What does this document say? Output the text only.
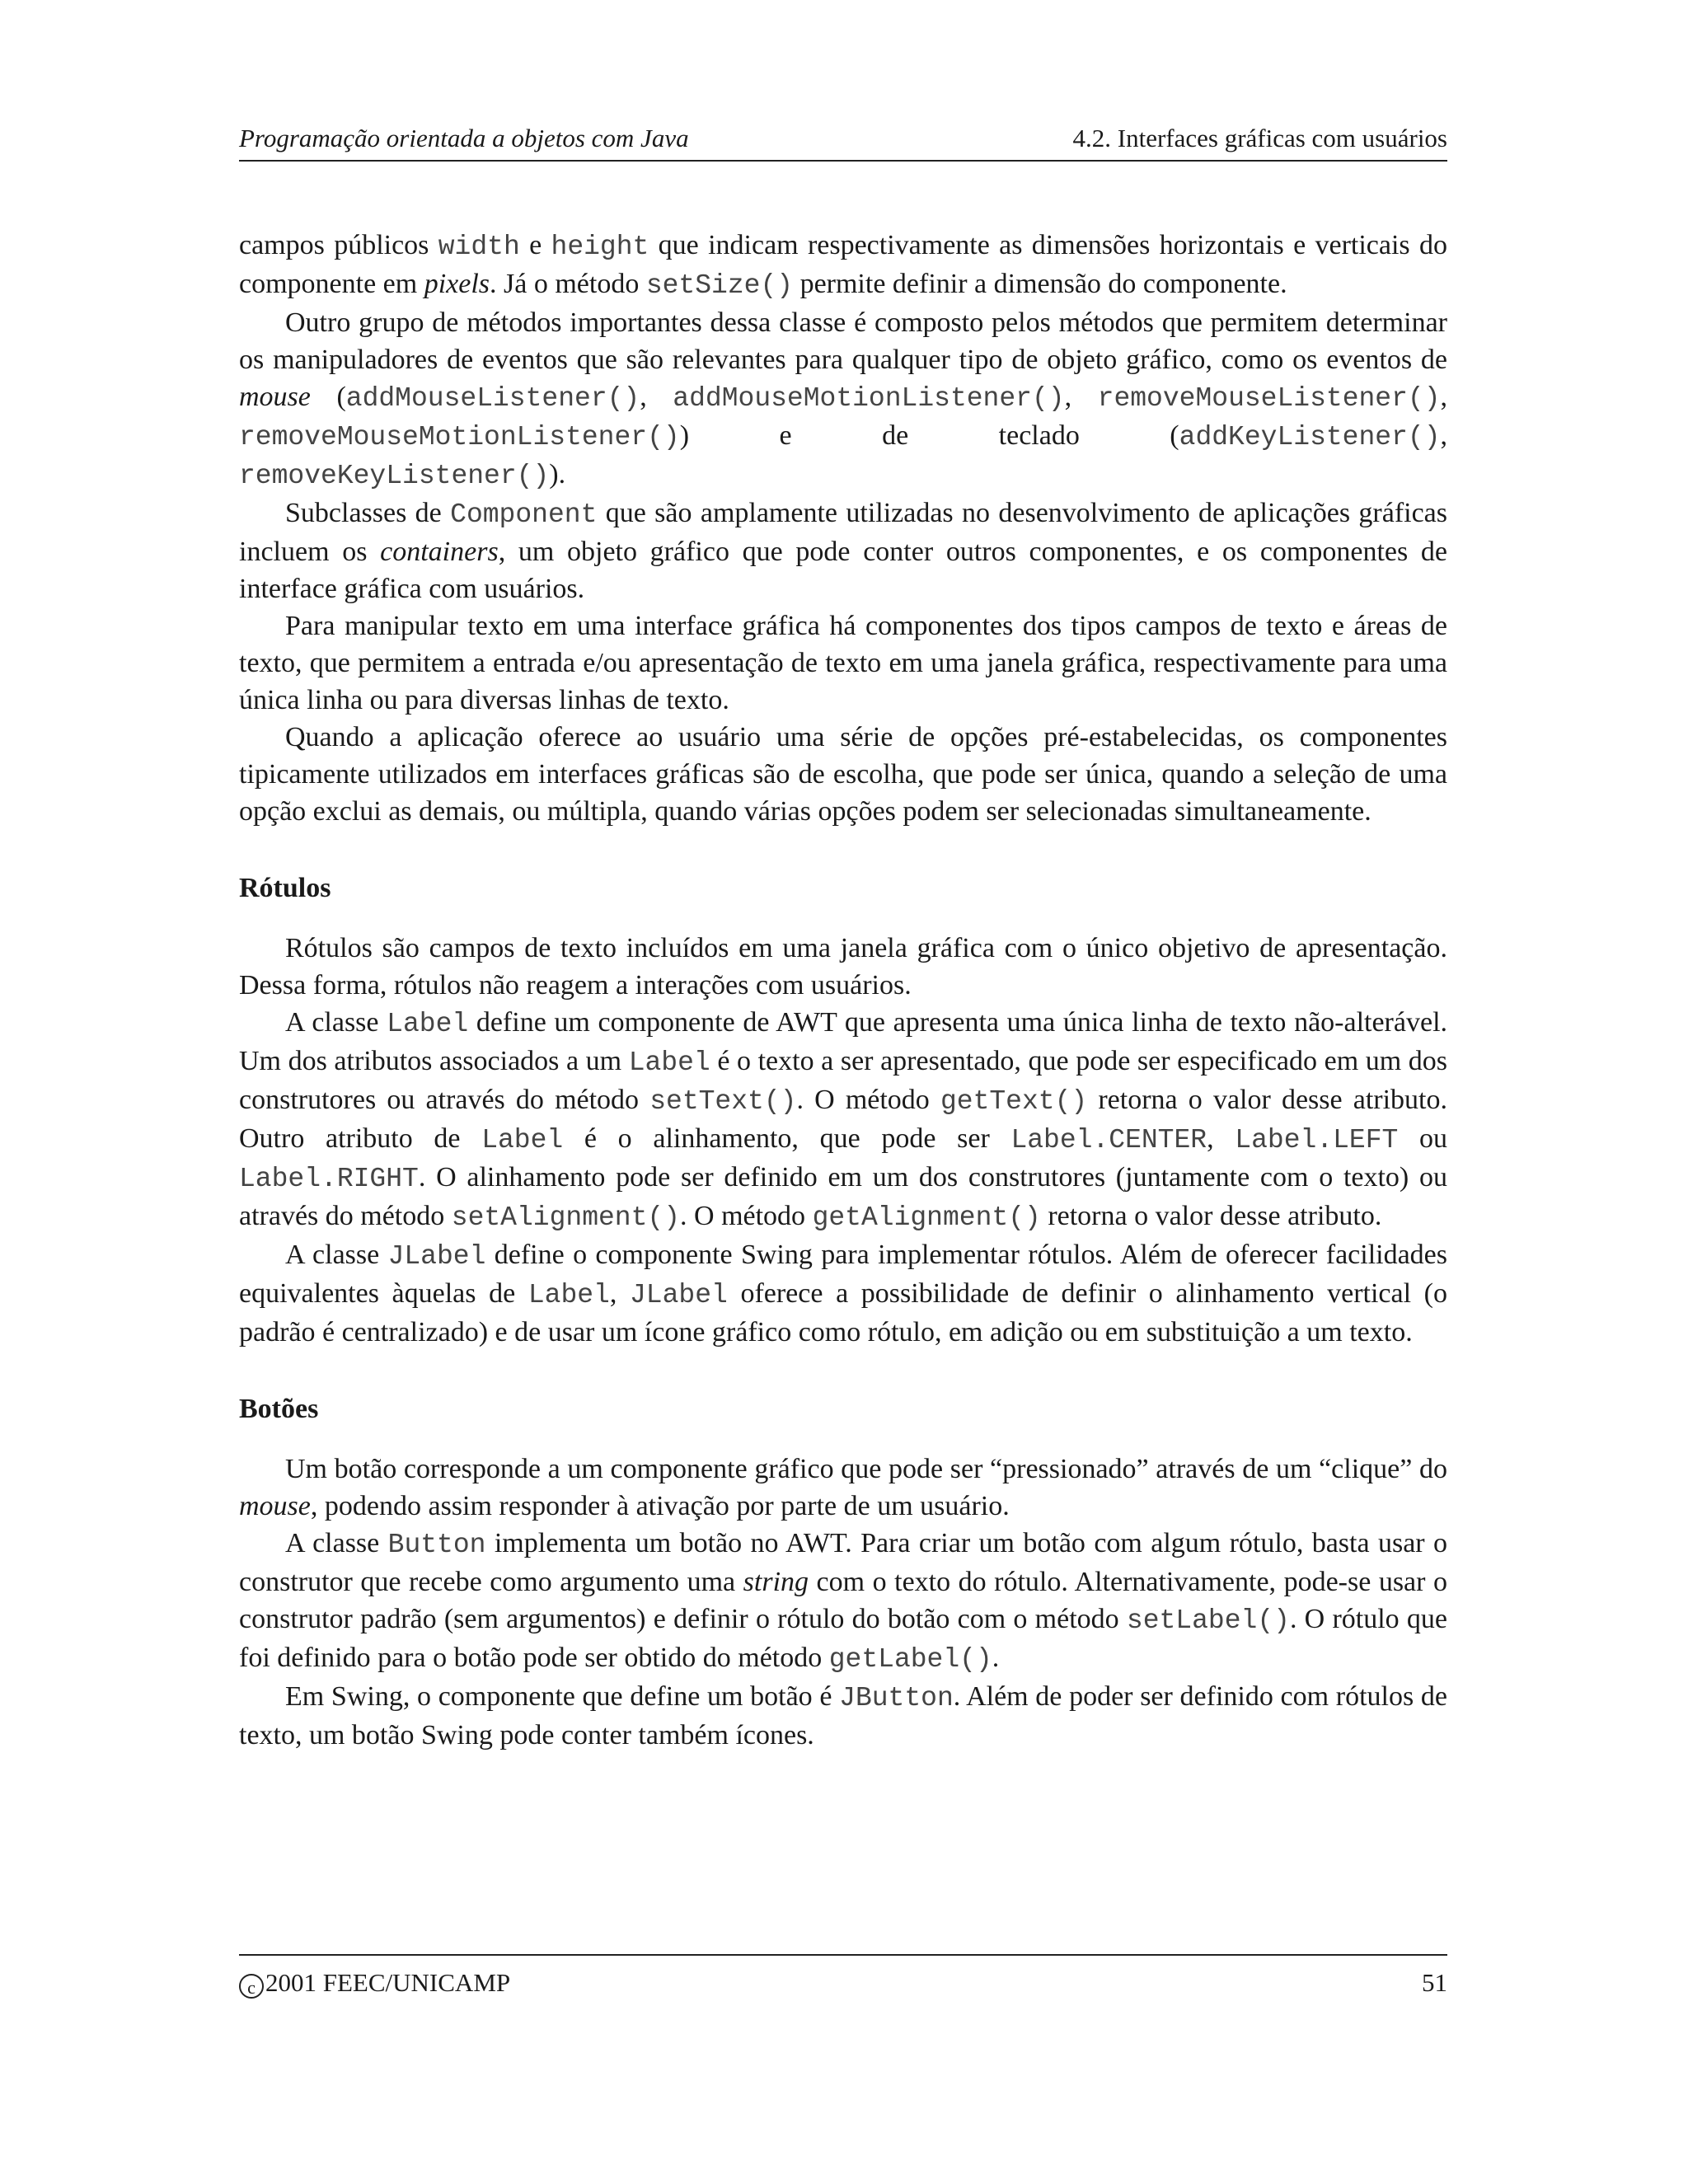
Programação orientada a objetos com Java	4.2. Interfaces gráficas com usuários

campos públicos width e height que indicam respectivamente as dimensões horizontais e verticais do componente em pixels. Já o método setSize() permite definir a dimensão do componente.

Outro grupo de métodos importantes dessa classe é composto pelos métodos que permitem determinar os manipuladores de eventos que são relevantes para qualquer tipo de objeto gráfico, como os eventos de mouse (addMouseListener(), addMouseMotionListener(), removeMouseListener(), removeMouseMotionListener()) e de teclado (addKeyListener(), removeKeyListener()).

Subclasses de Component que são amplamente utilizadas no desenvolvimento de aplicações gráficas incluem os containers, um objeto gráfico que pode conter outros componentes, e os componentes de interface gráfica com usuários.

Para manipular texto em uma interface gráfica há componentes dos tipos campos de texto e áreas de texto, que permitem a entrada e/ou apresentação de texto em uma janela gráfica, respectivamente para uma única linha ou para diversas linhas de texto.

Quando a aplicação oferece ao usuário uma série de opções pré-estabelecidas, os componentes tipicamente utilizados em interfaces gráficas são de escolha, que pode ser única, quando a seleção de uma opção exclui as demais, ou múltipla, quando várias opções podem ser selecionadas simultaneamente.

Rótulos

Rótulos são campos de texto incluídos em uma janela gráfica com o único objetivo de apresentação. Dessa forma, rótulos não reagem a interações com usuários.

A classe Label define um componente de AWT que apresenta uma única linha de texto não-alterável. Um dos atributos associados a um Label é o texto a ser apresentado, que pode ser especificado em um dos construtores ou através do método setText(). O método getText() retorna o valor desse atributo. Outro atributo de Label é o alinhamento, que pode ser Label.CENTER, Label.LEFT ou Label.RIGHT. O alinhamento pode ser definido em um dos construtores (juntamente com o texto) ou através do método setAlignment(). O método getAlignment() retorna o valor desse atributo.

A classe JLabel define o componente Swing para implementar rótulos. Além de oferecer facilidades equivalentes àquelas de Label, JLabel oferece a possibilidade de definir o alinhamento vertical (o padrão é centralizado) e de usar um ícone gráfico como rótulo, em adição ou em substituição a um texto.

Botões

Um botão corresponde a um componente gráfico que pode ser “pressionado” através de um “clique” do mouse, podendo assim responder à ativação por parte de um usuário.

A classe Button implementa um botão no AWT. Para criar um botão com algum rótulo, basta usar o construtor que recebe como argumento uma string com o texto do rótulo. Alternativamente, pode-se usar o construtor padrão (sem argumentos) e definir o rótulo do botão com o método setLabel(). O rótulo que foi definido para o botão pode ser obtido do método getLabel().

Em Swing, o componente que define um botão é JButton. Além de poder ser definido com rótulos de texto, um botão Swing pode conter também ícones.

c 2001 FEEC/UNICAMP	51
